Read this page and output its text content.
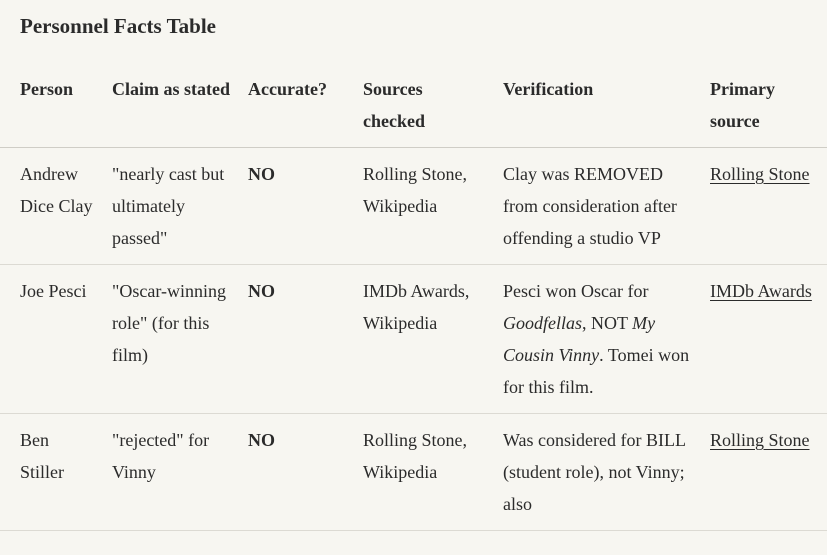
Personnel Facts Table
Person	Claim as stated	Accurate?	Sources checked	Verification	Primary source
Andrew Dice Clay	"nearly cast but ultimately passed"	NO	Rolling Stone, Wikipedia	Clay was REMOVED from consideration after offending a studio VP	Rolling Stone
Joe Pesci	"Oscar-winning role" (for this film)	NO	IMDb Awards, Wikipedia	Pesci won Oscar for Goodfellas, NOT My Cousin Vinny. Tomei won for this film.	IMDb Awards
Ben Stiller	"rejected" for Vinny	NO	Rolling Stone, Wikipedia	Was considered for BILL (student role), not Vinny; also	Rolling Stone
